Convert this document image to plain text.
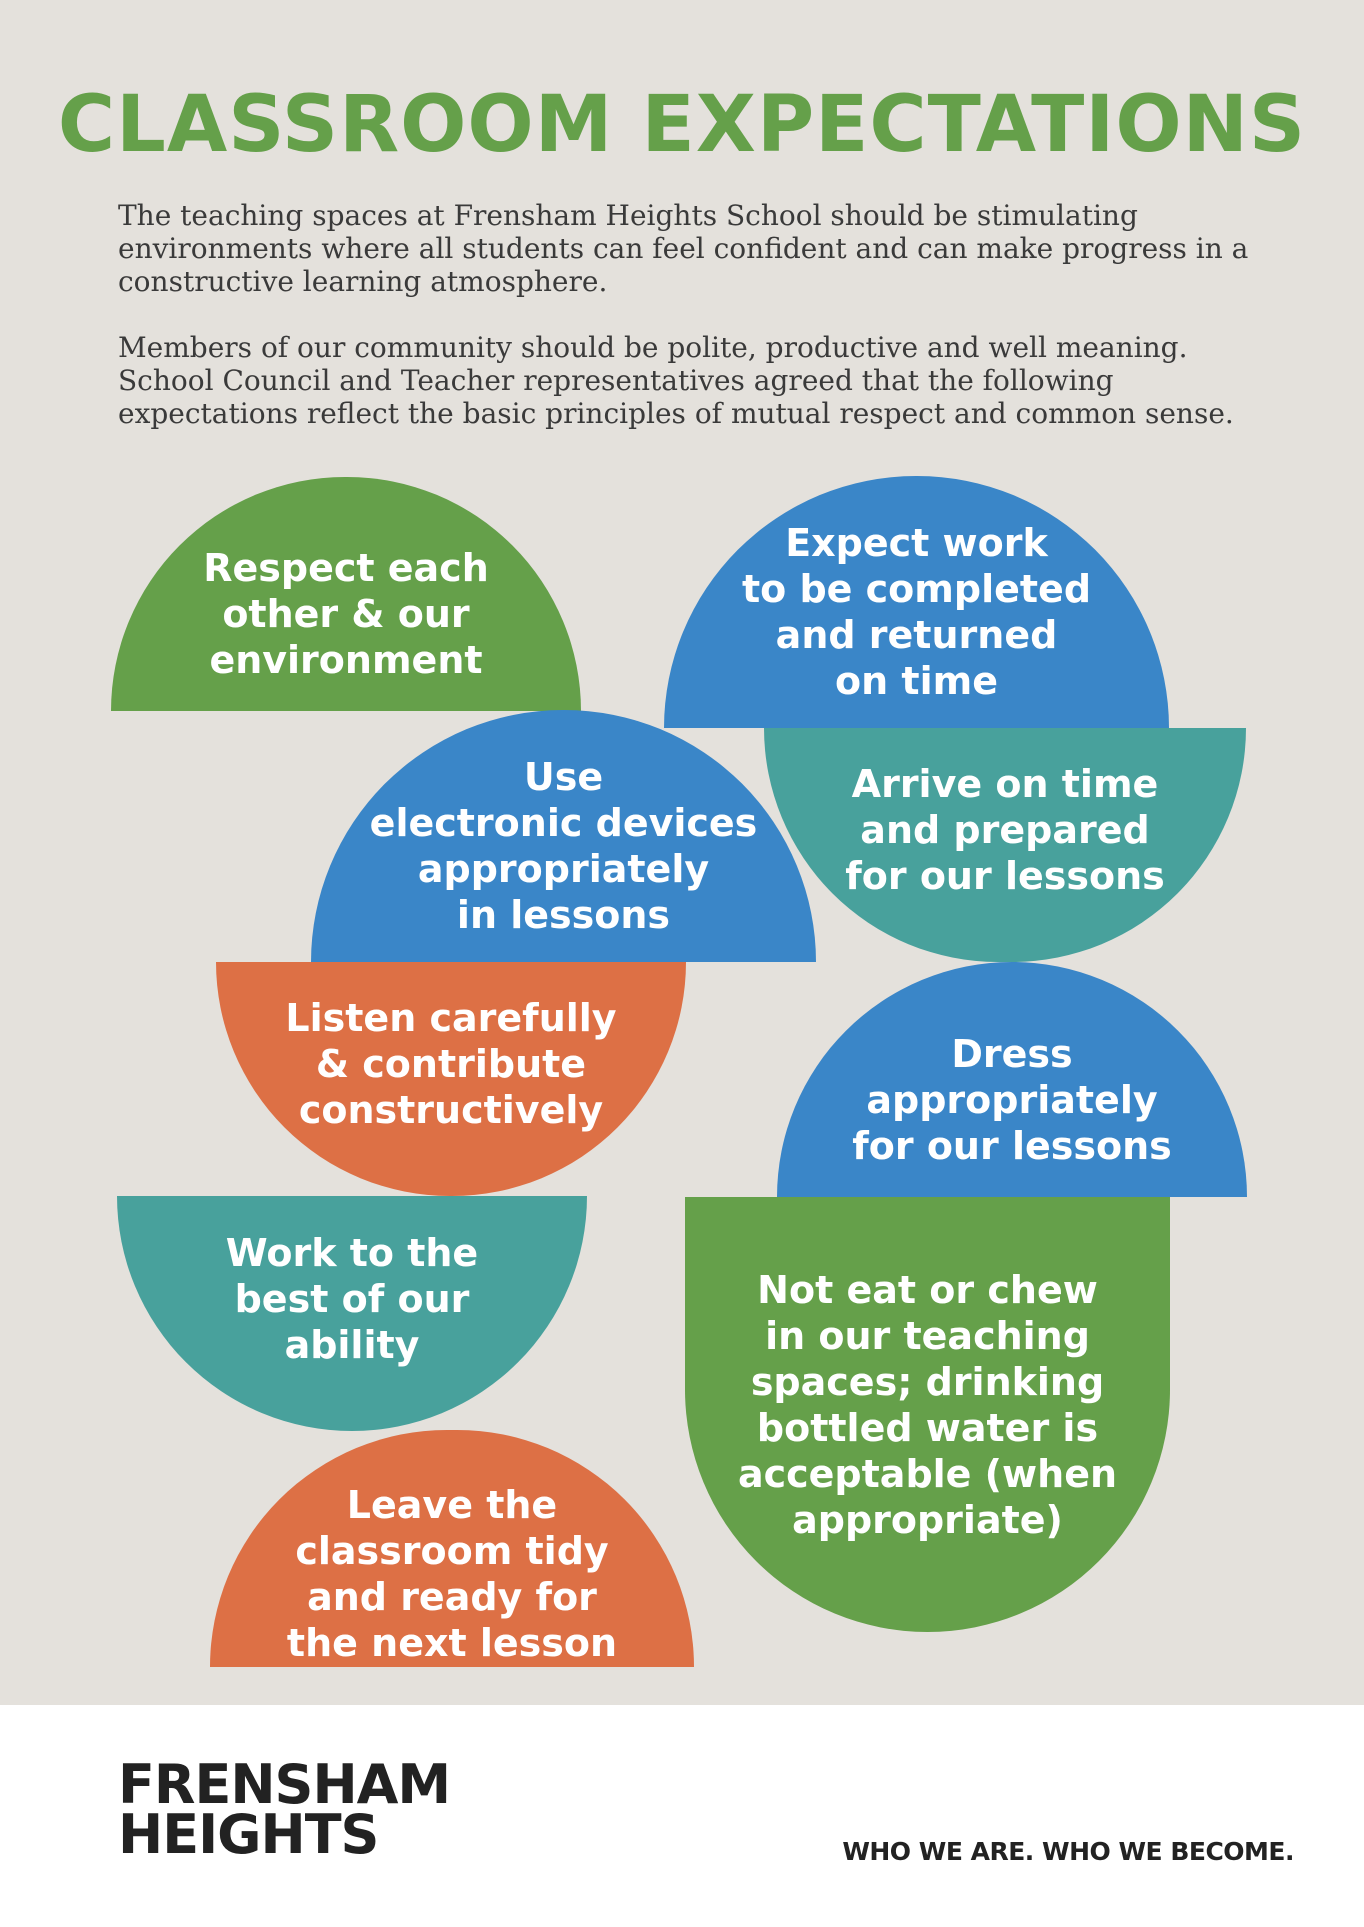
CLASSROOM EXPECTATIONS

The teaching spaces at Frensham Heights School should be stimulating environments where all students can feel confident and can make progress in a constructive learning atmosphere.

Members of our community should be polite, productive and well meaning. School Council and Teacher representatives agreed that the following expectations reflect the basic principles of mutual respect and common sense.

Respect each
other & our
environment
Expect work
to be completed
and returned
on time
Use
electronic devices
appropriately
in lessons
Arrive on time
and prepared
for our lessons
Listen carefully
& contribute
constructively
Dress
appropriately
for our lessons
Work to the
best of our
ability
Not eat or chew
in our teaching
spaces; drinking
bottled water is
acceptable (when
appropriate)
Leave the
classroom tidy
and ready for
the next lesson
FRENSHAM
HEIGHTS	WHO WE ARE. WHO WE BECOME.
